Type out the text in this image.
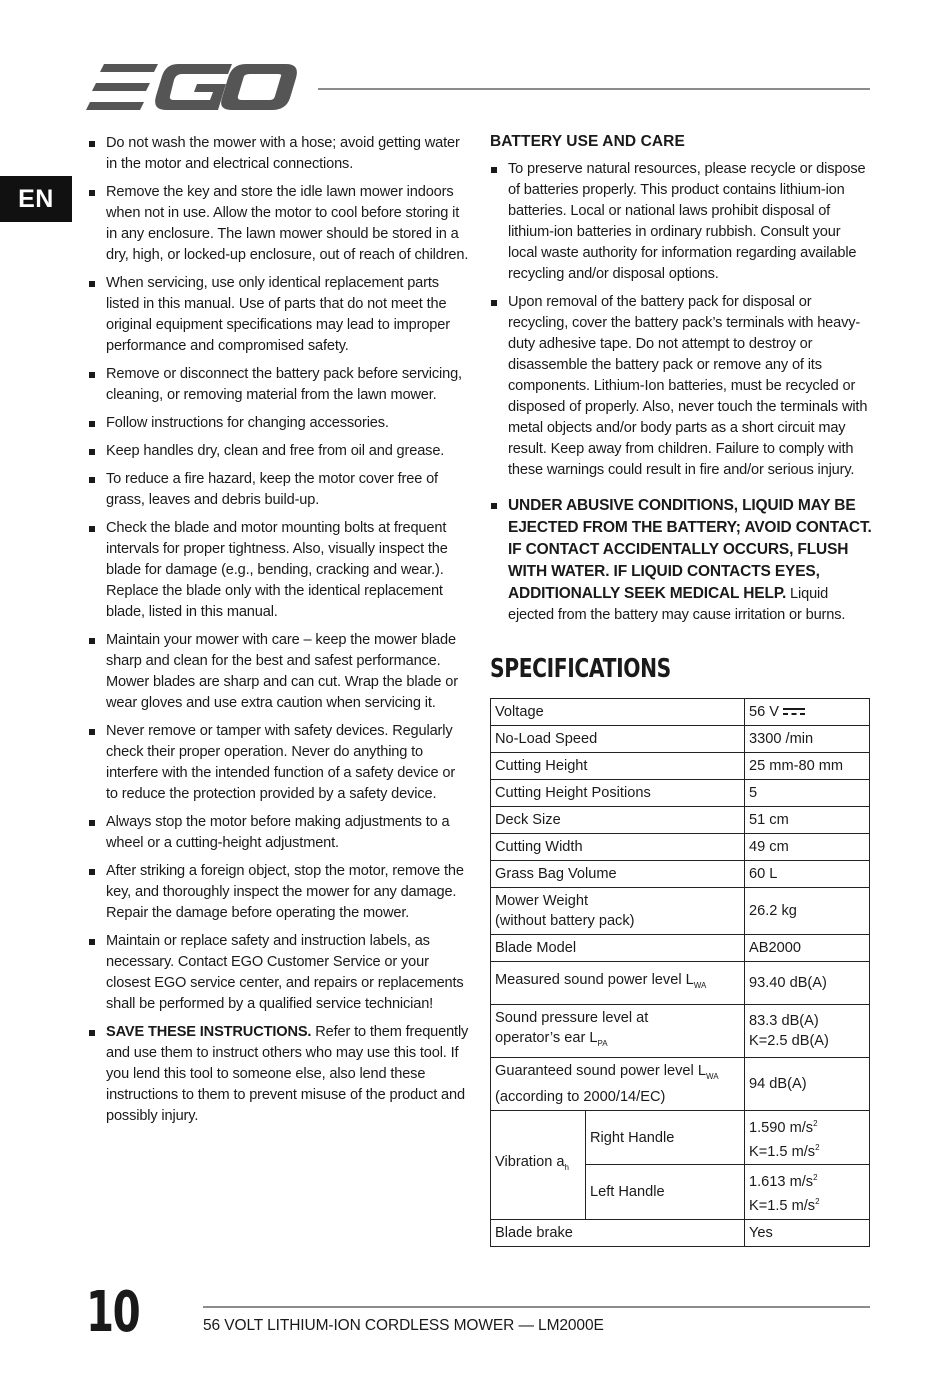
EN
Do not wash the mower with a hose; avoid getting water in the motor and electrical connections.
Remove the key and store the idle lawn mower indoors when not in use. Allow the motor to cool before storing it in any enclosure. The lawn mower should be stored in a dry, high, or locked-up enclosure, out of reach of children.
When servicing, use only identical replacement parts listed in this manual. Use of parts that do not meet the original equipment specifications may lead to improper performance and compromised safety.
Remove or disconnect the battery pack before servicing, cleaning, or removing material from the lawn mower.
Follow instructions for changing accessories.
Keep handles dry, clean and free from oil and grease.
To reduce a fire hazard, keep the motor cover free of grass, leaves and debris build-up.
Check the blade and motor mounting bolts at frequent intervals for proper tightness. Also, visually inspect the blade for damage (e.g., bending, cracking and wear.). Replace the blade only with the identical replacement blade, listed in this manual.
Maintain your mower with care – keep the mower blade sharp and clean for the best and safest performance. Mower blades are sharp and can cut. Wrap the blade or wear gloves and use extra caution when servicing it.
Never remove or tamper with safety devices. Regularly check their proper operation. Never do anything to interfere with the intended function of a safety device or to reduce the protection provided by a safety device.
Always stop the motor before making adjustments to a wheel or a cutting-height adjustment.
After striking a foreign object, stop the motor, remove the key, and thoroughly inspect the mower for any damage. Repair the damage before operating the mower.
Maintain or replace safety and instruction labels, as necessary. Contact EGO Customer Service or your closest EGO service center, and repairs or replacements shall be performed by a qualified service technician!
SAVE THESE INSTRUCTIONS. Refer to them frequently and use them to instruct others who may use this tool. If you lend this tool to someone else, also lend these instructions to them to prevent misuse of the product and possibly injury.
BATTERY USE AND CARE
To preserve natural resources, please recycle or dispose of batteries properly. This product contains lithium-ion batteries. Local or national laws prohibit disposal of lithium-ion batteries in ordinary rubbish. Consult your local waste authority for information regarding available recycling and/or disposal options.
Upon removal of the battery pack for disposal or recycling, cover the battery pack’s terminals with heavy-duty adhesive tape. Do not attempt to destroy or disassemble the battery pack or remove any of its components. Lithium-Ion batteries, must be recycled or disposed of properly. Also, never touch the terminals with metal objects and/or body parts as a short circuit may result. Keep away from children. Failure to comply with these warnings could result in fire and/or serious injury.
UNDER ABUSIVE CONDITIONS, LIQUID MAY BE EJECTED FROM THE BATTERY; AVOID CONTACT. IF CONTACT ACCIDENTALLY OCCURS, FLUSH WITH WATER. IF LIQUID CONTACTS EYES, ADDITIONALLY SEEK MEDICAL HELP. Liquid ejected from the battery may cause irritation or burns.
SPECIFICATIONS
Voltage		56 V
No-Load Speed		3300 /min
Cutting Height		25 mm-80 mm
Cutting Height Positions		5
Deck Size		51 cm
Cutting Width		49 cm
Grass Bag Volume		60 L
Mower Weight
(without battery pack)		26.2 kg
Blade Model		AB2000
Measured sound power level $L_{WA}$		93.40 dB(A)
Sound pressure level at
operator’s ear $L_{PA}$		83.3 dB(A)
K=2.5 dB(A)
Guaranteed sound power level $L_{WA}$
(according to 2000/14/EC)		94 dB(A)
Vibration $a_h$	Right Handle	1.590 $m/s^2$
K=1.5 $m/s^2$
	Left Handle	1.613 $m/s^2$
K=1.5 $m/s^2$
Blade brake		Yes
10	56 VOLT LITHIUM-ION CORDLESS MOWER — LM2000E
